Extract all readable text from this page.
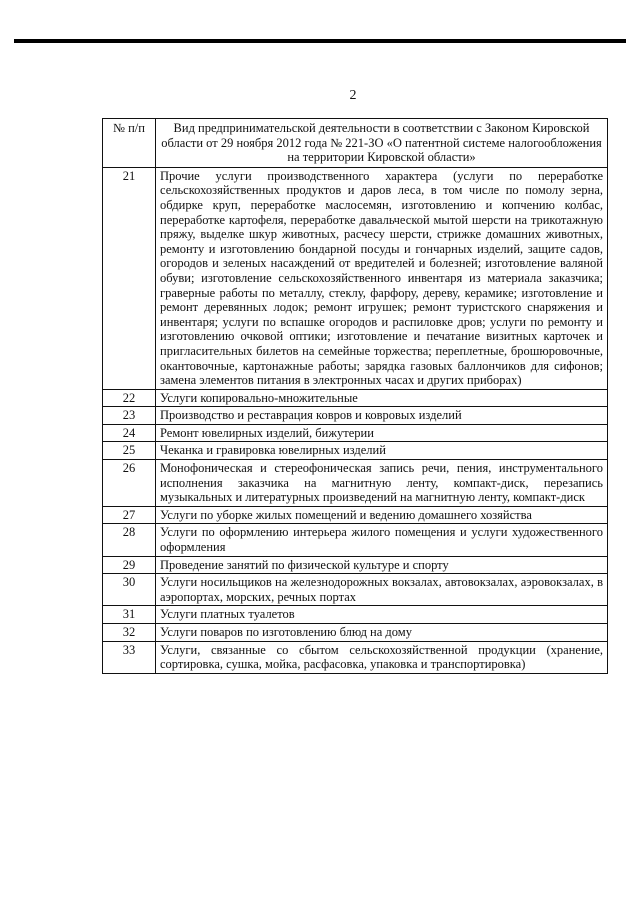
2
№ п/п	Вид предпринимательской деятельности в соответствии с Законом Кировской области от 29 ноября 2012 года № 221-ЗО «О патентной системе налогообложения на территории Кировской области»
21	Прочие услуги производственного характера (услуги по переработке сельскохозяйственных продуктов и даров леса, в том числе по помолу зерна, обдирке круп, переработке маслосемян, изготовлению и копчению колбас, переработке картофеля, переработке давальческой мытой шерсти на трикотажную пряжу, выделке шкур животных, расчесу шерсти, стрижке домашних животных, ремонту и изготовлению бондарной посуды и гончарных изделий, защите садов, огородов и зеленых насаждений от вредителей и болезней; изготовление валяной обуви; изготовление сельскохозяйственного инвентаря из материала заказчика; граверные работы по металлу, стеклу, фарфору, дереву, керамике; изготовление и ремонт деревянных лодок; ремонт игрушек; ремонт туристского снаряжения и инвентаря; услуги по вспашке огородов и распиловке дров; услуги по ремонту и изготовлению очковой оптики; изготовление и печатание визитных карточек и пригласительных билетов на семейные торжества; переплетные, брошюровочные, окантовочные, картонажные работы; зарядка газовых баллончиков для сифонов; замена элементов питания в электронных часах и других приборах)
22	Услуги копировально-множительные
23	Производство и реставрация ковров и ковровых изделий
24	Ремонт ювелирных изделий, бижутерии
25	Чеканка и гравировка ювелирных изделий
26	Монофоническая и стереофоническая запись речи, пения, инструментального исполнения заказчика на магнитную ленту, компакт-диск, перезапись музыкальных и литературных произведений на магнитную ленту, компакт-диск
27	Услуги по уборке жилых помещений и ведению домашнего хозяйства
28	Услуги по оформлению интерьера жилого помещения и услуги художественного оформления
29	Проведение занятий по физической культуре и спорту
30	Услуги носильщиков на железнодорожных вокзалах, автовокзалах, аэровокзалах, в аэропортах, морских, речных портах
31	Услуги платных туалетов
32	Услуги поваров по изготовлению блюд на дому
33	Услуги, связанные со сбытом сельскохозяйственной продукции (хранение, сортировка, сушка, мойка, расфасовка, упаковка и транспортировка)
